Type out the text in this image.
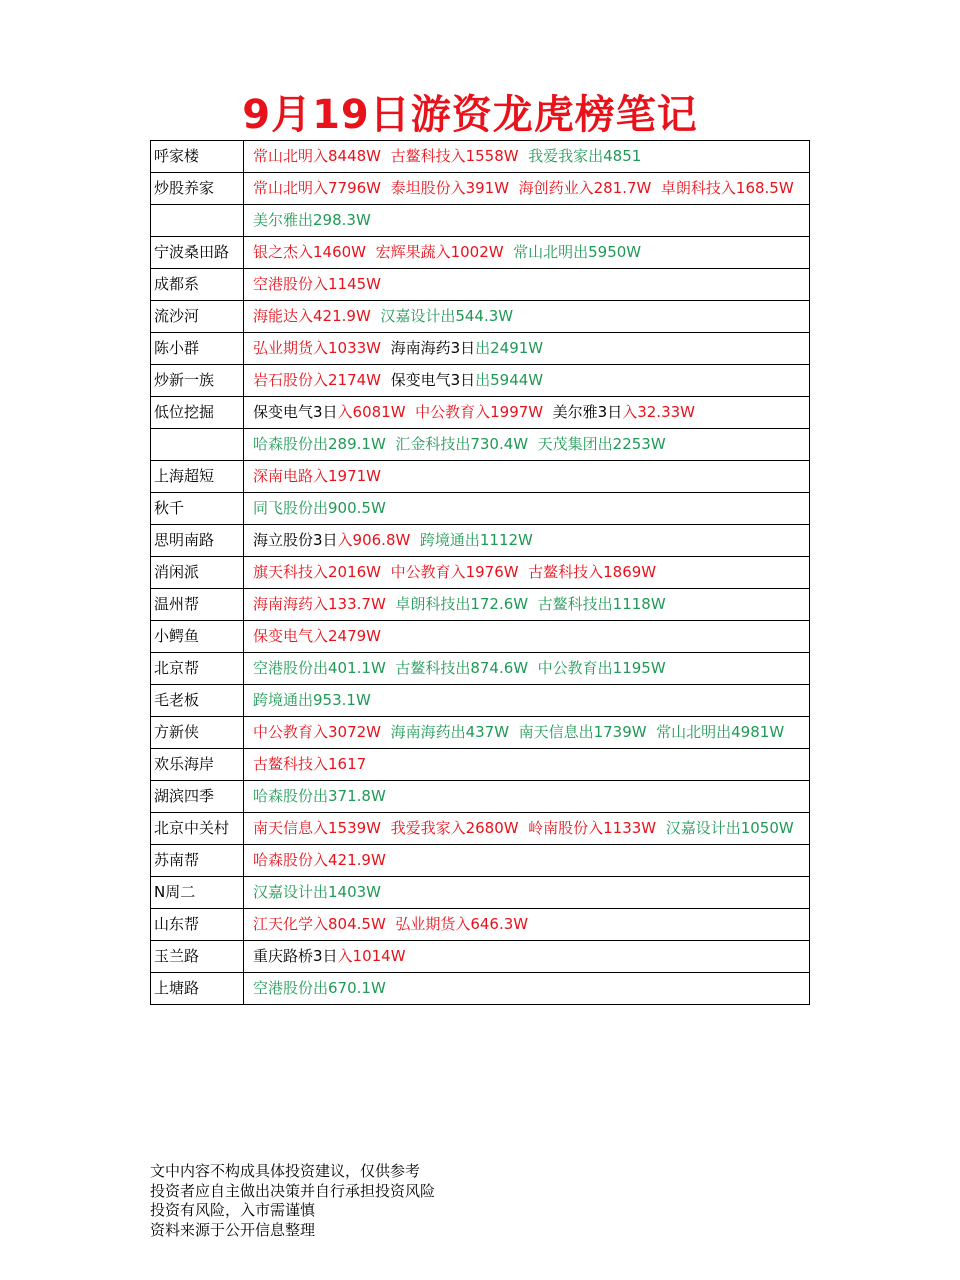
9月19日游资龙虎榜笔记
呼家楼	常山北明入8448W 古鳌科技入1558W 我爱我家出4851
炒股养家	常山北明入7796W 泰坦股份入391W 海创药业入281.7W 卓朗科技入168.5W
	美尔雅出298.3W
宁波桑田路	银之杰入1460W 宏辉果蔬入1002W 常山北明出5950W
成都系	空港股份入1145W
流沙河	海能达入421.9W 汉嘉设计出544.3W
陈小群	弘业期货入1033W 海南海药3日出2491W
炒新一族	岩石股份入2174W 保变电气3日出5944W
低位挖掘	保变电气3日入6081W 中公教育入1997W 美尔雅3日入32.33W
	哈森股份出289.1W 汇金科技出730.4W 天茂集团出2253W
上海超短	深南电路入1971W
秋千	同飞股份出900.5W
思明南路	海立股份3日入906.8W 跨境通出1112W
消闲派	旗天科技入2016W 中公教育入1976W 古鳌科技入1869W
温州帮	海南海药入133.7W 卓朗科技出172.6W 古鳌科技出1118W
小鳄鱼	保变电气入2479W
北京帮	空港股份出401.1W 古鳌科技出874.6W 中公教育出1195W
毛老板	跨境通出953.1W
方新侠	中公教育入3072W 海南海药出437W 南天信息出1739W 常山北明出4981W
欢乐海岸	古鳌科技入1617
湖滨四季	哈森股份出371.8W
北京中关村	南天信息入1539W 我爱我家入2680W 岭南股份入1133W 汉嘉设计出1050W
苏南帮	哈森股份入421.9W
N周二	汉嘉设计出1403W
山东帮	江天化学入804.5W 弘业期货入646.3W
玉兰路	重庆路桥3日入1014W
上塘路	空港股份出670.1W
文中内容不构成具体投资建议，仅供参考
投资者应自主做出决策并自行承担投资风险
投资有风险，入市需谨慎
资料来源于公开信息整理
